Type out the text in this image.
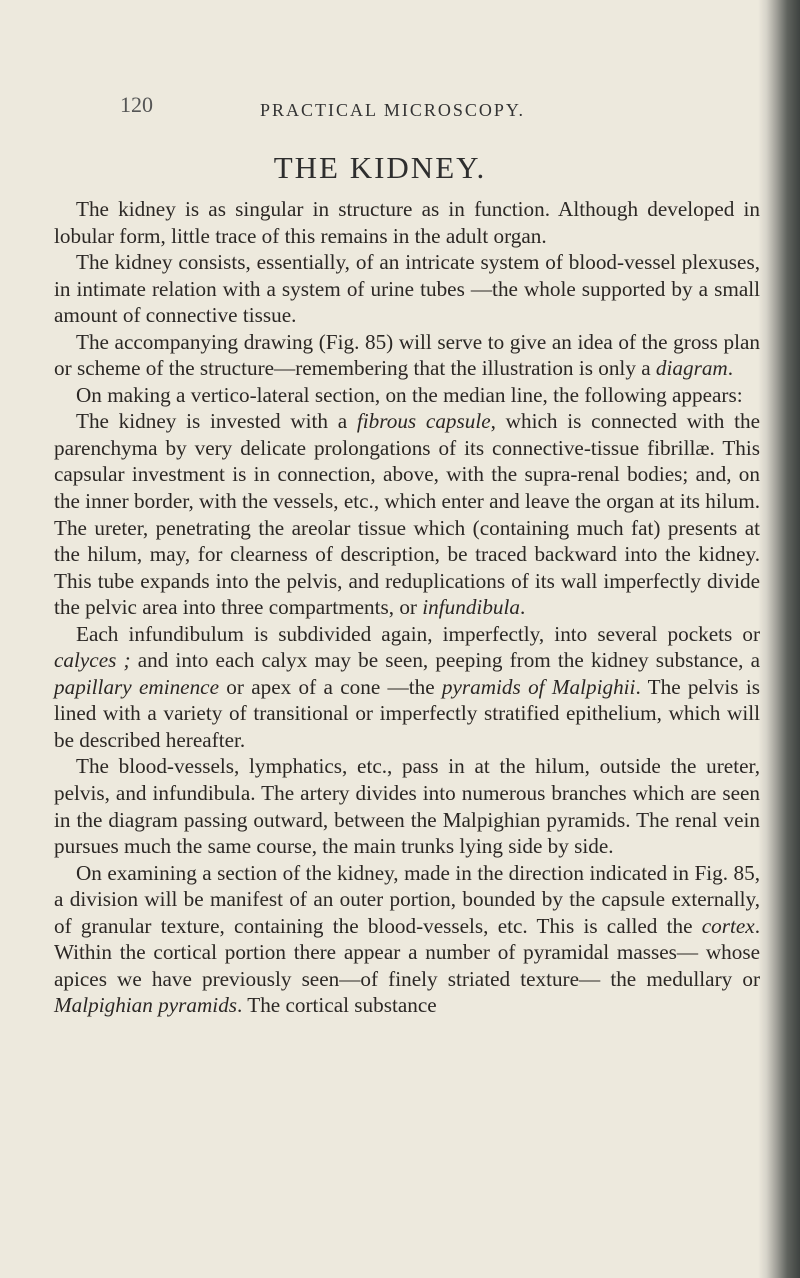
120	PRACTICAL MICROSCOPY.
THE KIDNEY.

The kidney is as singular in structure as in function. Although developed in lobular form, little trace of this remains in the adult organ.

The kidney consists, essentially, of an intricate system of blood-vessel plexuses, in intimate relation with a system of urine tubes —the whole supported by a small amount of connective tissue.

The accompanying drawing (Fig. 85) will serve to give an idea of the gross plan or scheme of the structure—remembering that the illustration is only a diagram.

On making a vertico-lateral section, on the median line, the following appears:

The kidney is invested with a fibrous capsule, which is connected with the parenchyma by very delicate prolongations of its connective-tissue fibrillæ. This capsular investment is in connection, above, with the supra-renal bodies; and, on the inner border, with the vessels, etc., which enter and leave the organ at its hilum. The ureter, penetrating the areolar tissue which (containing much fat) presents at the hilum, may, for clearness of description, be traced backward into the kidney. This tube expands into the pelvis, and reduplications of its wall imperfectly divide the pelvic area into three compartments, or infundibula.

Each infundibulum is subdivided again, imperfectly, into several pockets or calyces ; and into each calyx may be seen, peeping from the kidney substance, a papillary eminence or apex of a cone —the pyramids of Malpighii. The pelvis is lined with a variety of transitional or imperfectly stratified epithelium, which will be described hereafter.

The blood-vessels, lymphatics, etc., pass in at the hilum, outside the ureter, pelvis, and infundibula. The artery divides into numerous branches which are seen in the diagram passing outward, between the Malpighian pyramids. The renal vein pursues much the same course, the main trunks lying side by side.

On examining a section of the kidney, made in the direction indicated in Fig. 85, a division will be manifest of an outer portion, bounded by the capsule externally, of granular texture, containing the blood-vessels, etc. This is called the cortex. Within the cortical portion there appear a number of pyramidal masses— whose apices we have previously seen—of finely striated texture— the medullary or Malpighian pyramids. The cortical substance
